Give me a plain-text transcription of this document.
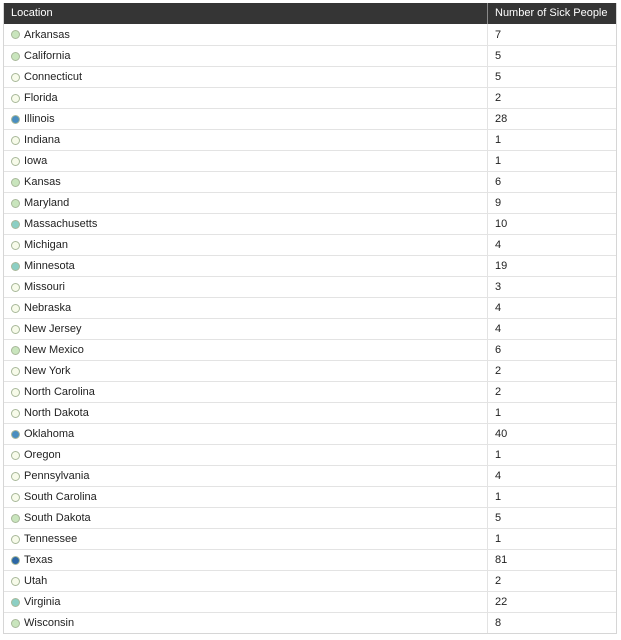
Location	Number of Sick People
Arkansas	7
California	5
Connecticut	5
Florida	2
Illinois	28
Indiana	1
Iowa	1
Kansas	6
Maryland	9
Massachusetts	10
Michigan	4
Minnesota	19
Missouri	3
Nebraska	4
New Jersey	4
New Mexico	6
New York	2
North Carolina	2
North Dakota	1
Oklahoma	40
Oregon	1
Pennsylvania	4
South Carolina	1
South Dakota	5
Tennessee	1
Texas	81
Utah	2
Virginia	22
Wisconsin	8
